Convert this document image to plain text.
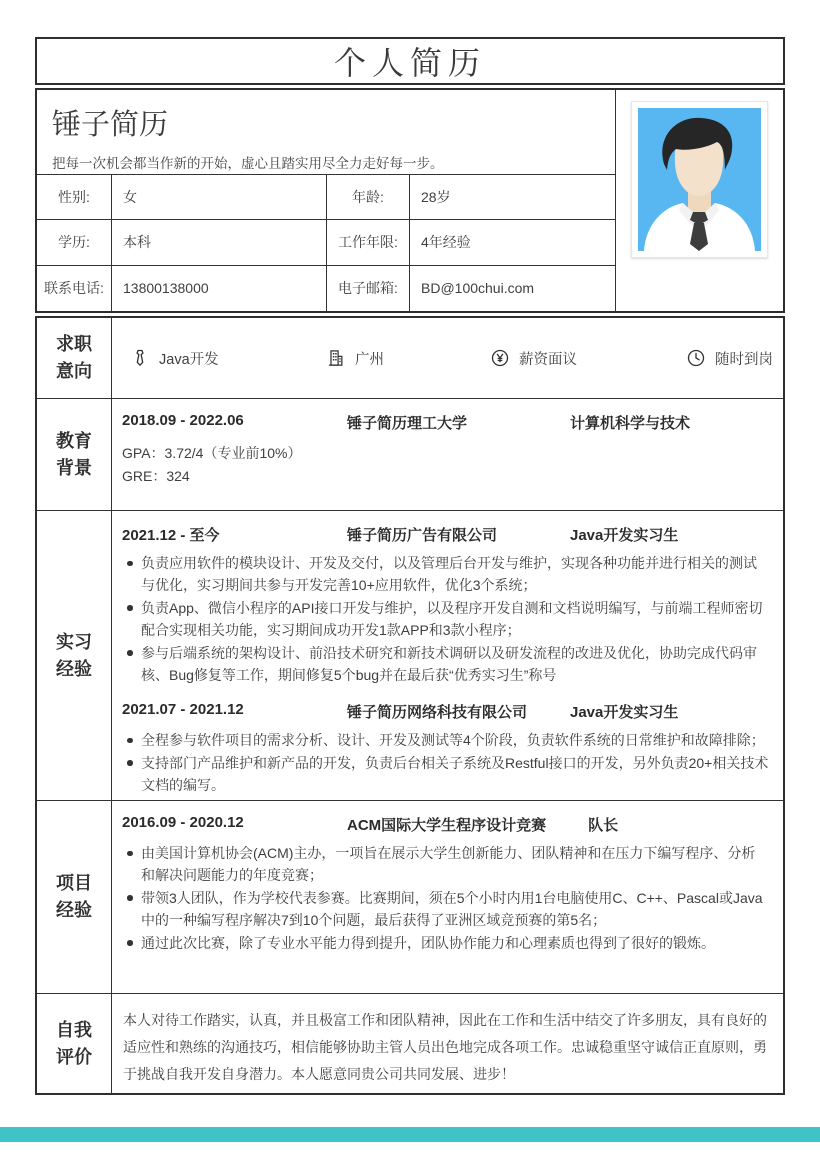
个人简历
锤子简历
把每一次机会都当作新的开始，虚心且踏实用尽全力走好每一步。
性别:	女	年龄:	28岁
学历:	本科	工作年限:	4年经验
联系电话:	13800138000	电子邮箱:	BD@100chui.com
求职
意向
Java开发	广州	薪资面议	随时到岗
教育
背景
2018.09 - 2022.06	锤子简历理工大学	计算机科学与技术
GPA：3.72/4（专业前10%）
GRE：324
实习
经验
2021.12 - 至今	锤子简历广告有限公司	Java开发实习生
负责应用软件的模块设计、开发及交付，以及管理后台开发与维护，实现各种功能并进行相关的测试与优化，实习期间共参与开发完善10+应用软件，优化3个系统；
负责App、微信小程序的API接口开发与维护，以及程序开发自测和文档说明编写，与前端工程师密切配合实现相关功能，实习期间成功开发1款APP和3款小程序；
参与后端系统的架构设计、前沿技术研究和新技术调研以及研发流程的改进及优化，协助完成代码审核、Bug修复等工作，期间修复5个bug并在最后获“优秀实习生”称号
2021.07 - 2021.12	锤子简历网络科技有限公司	Java开发实习生
全程参与软件项目的需求分析、设计、开发及测试等4个阶段，负责软件系统的日常维护和故障排除；
支持部门产品维护和新产品的开发，负责后台相关子系统及Restful接口的开发，另外负责20+相关技术文档的编写。
项目
经验
2016.09 - 2020.12	ACM国际大学生程序设计竞赛	队长
由美国计算机协会(ACM)主办，一项旨在展示大学生创新能力、团队精神和在压力下编写程序、分析和解决问题能力的年度竞赛；
带领3人团队，作为学校代表参赛。比赛期间，须在5个小时内用1台电脑使用C、C++、Pascal或Java中的一种编写程序解决7到10个问题，最后获得了亚洲区域竞预赛的第5名；
通过此次比赛，除了专业水平能力得到提升，团队协作能力和心理素质也得到了很好的锻炼。
自我
评价
本人对待工作踏实，认真，并且极富工作和团队精神，因此在工作和生活中结交了许多朋友，具有良好的适应性和熟练的沟通技巧，相信能够协助主管人员出色地完成各项工作。忠诚稳重坚守诚信正直原则，勇于挑战自我开发自身潜力。本人愿意同贵公司共同发展、进步！
